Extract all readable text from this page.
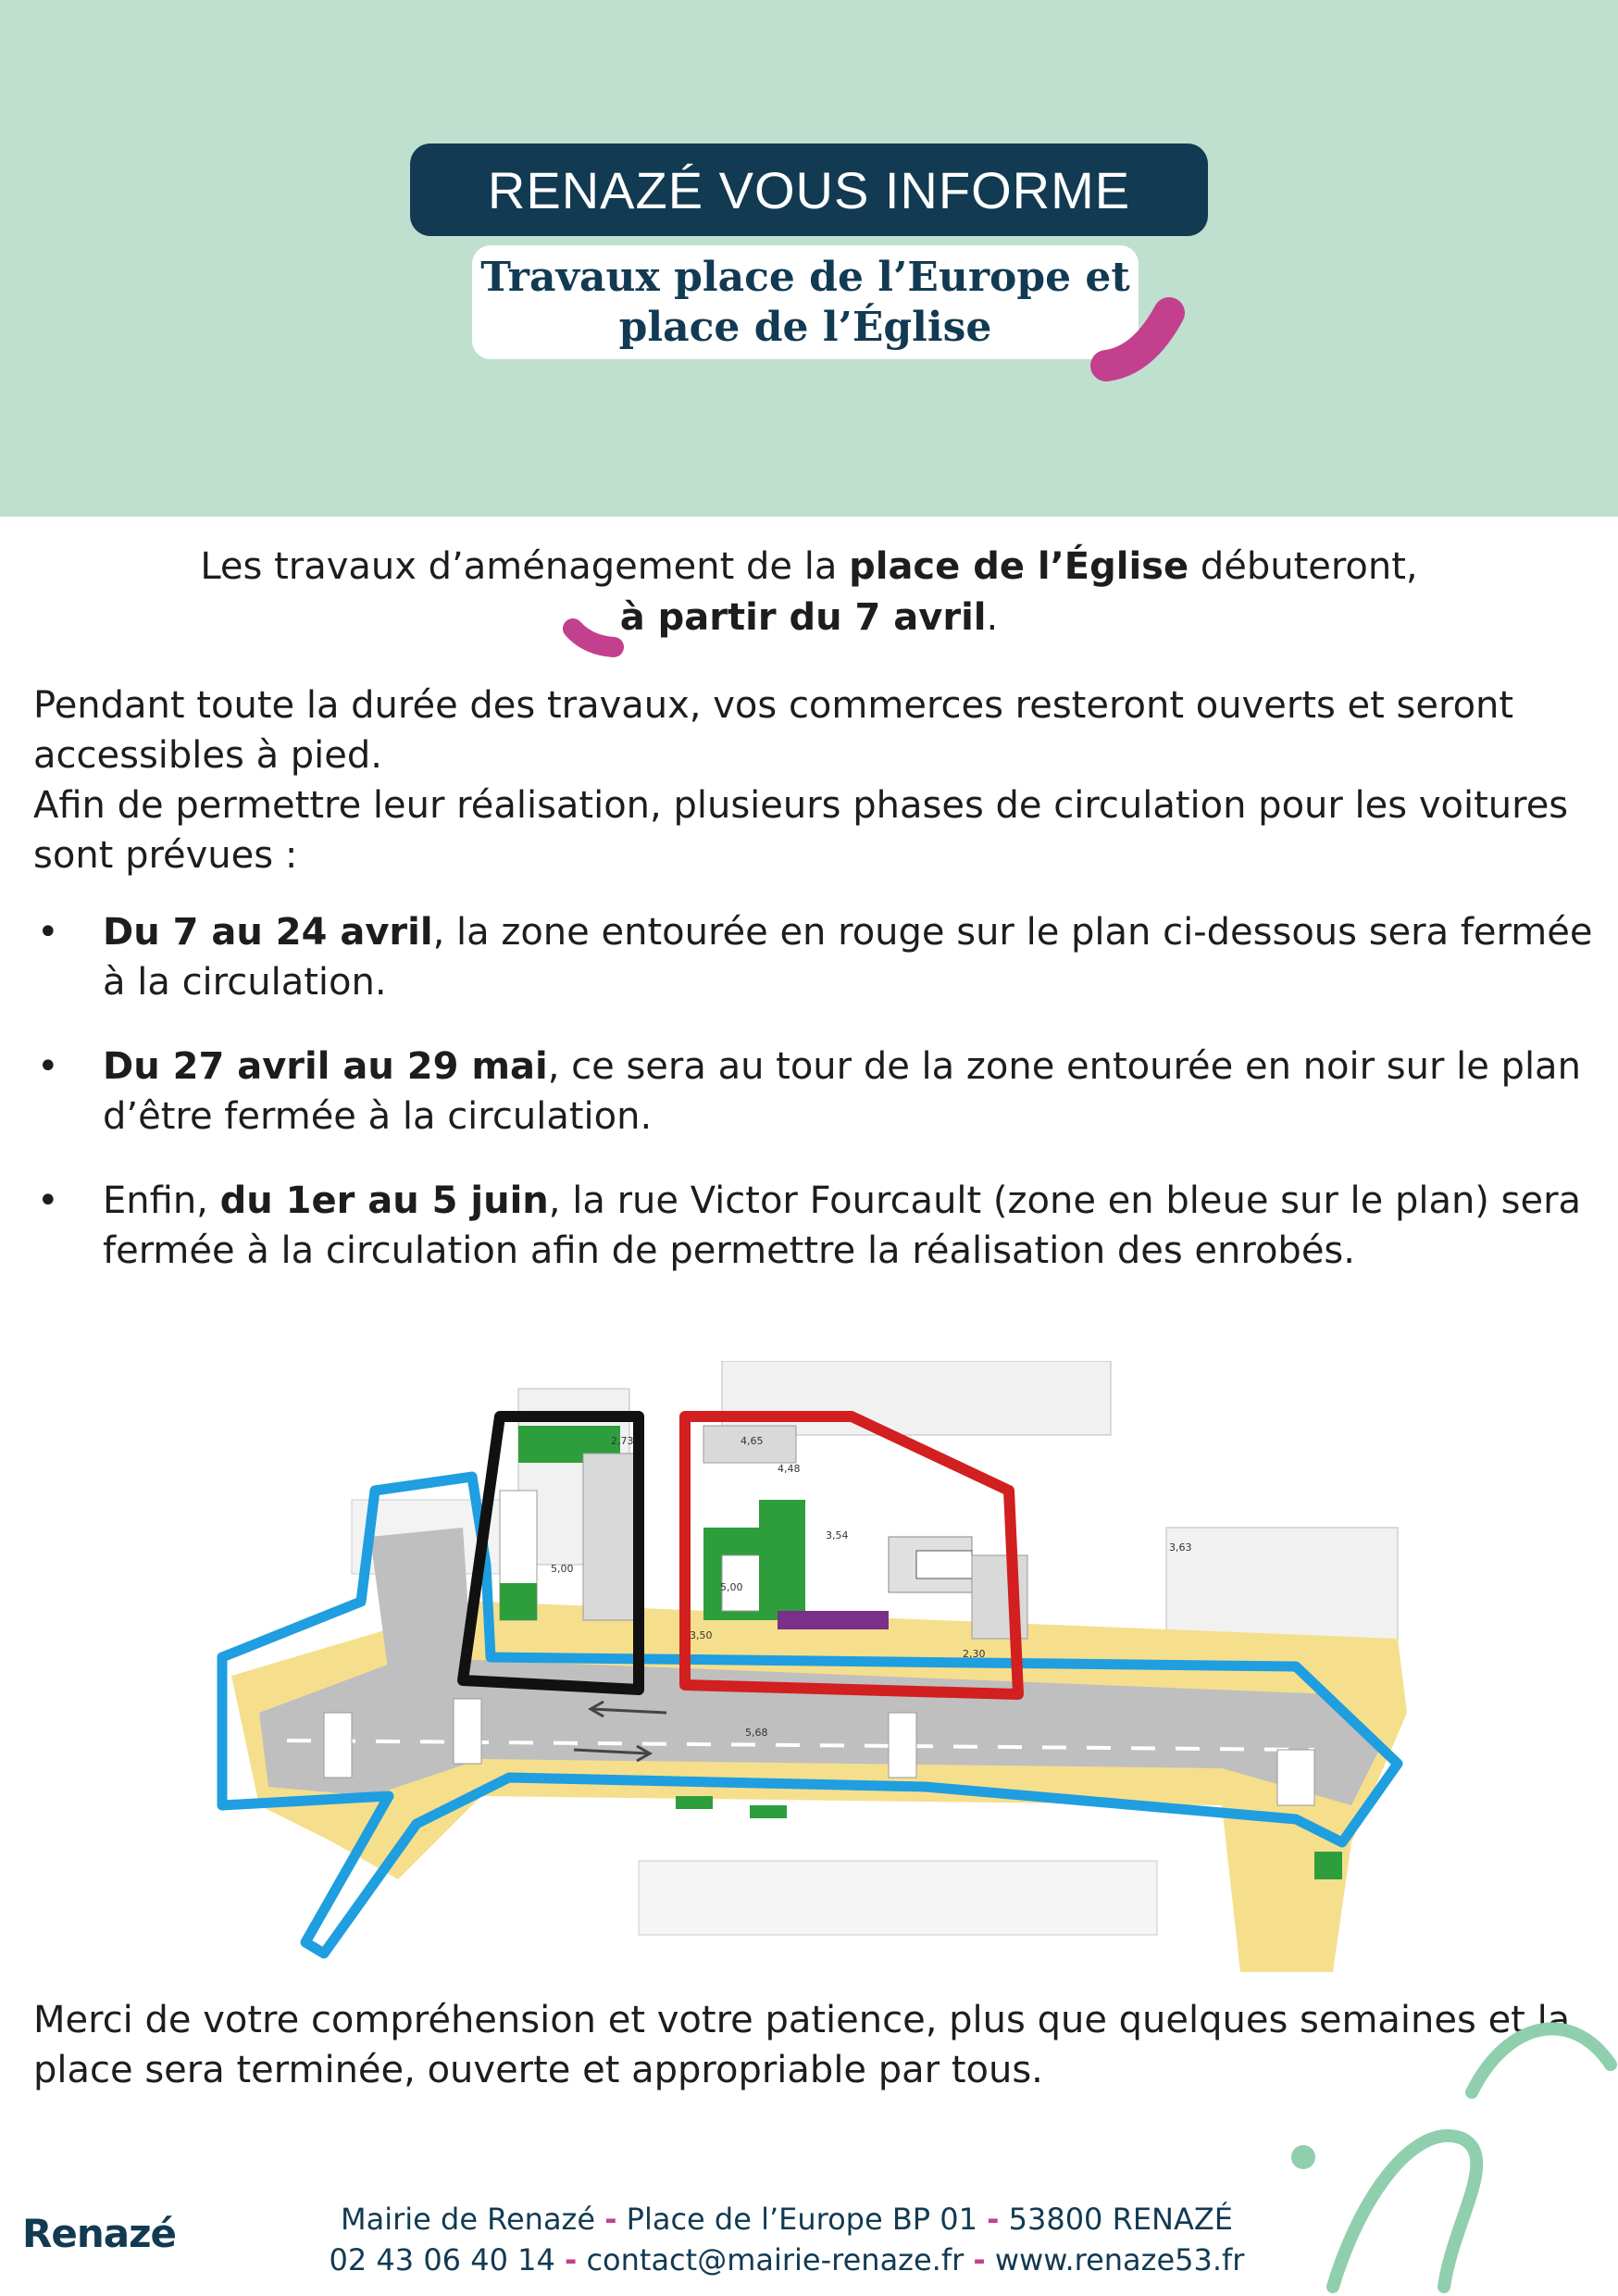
RENAZÉ VOUS INFORME
Travaux place de l’Europe et
place de l’Église
Les travaux d’aménagement de la place de l’Église débuteront,
à partir du 7 avril.
Pendant toute la durée des travaux, vos commerces resteront ouverts et seront accessibles à pied.
Afin de permettre leur réalisation, plusieurs phases de circulation pour les voitures sont prévues :
• Du 7 au 24 avril, la zone entourée en rouge sur le plan ci-dessous sera fermée à la circulation.
• Du 27 avril au 29 mai, ce sera au tour de la zone entourée en noir sur le plan d’être fermée à la circulation.
• Enfin, du 1er au 5 juin, la rue Victor Fourcault (zone en bleue sur le plan) sera fermée à la circulation afin de permettre la réalisation des enrobés.
5,00
5,00
3,54
3,63
4,65
4,48
2,73
5,68
3,50
2,30
Merci de votre compréhension et votre patience, plus que quelques semaines et la place sera terminée, ouverte et appropriable par tous.
Renazé	Mairie de Renazé - Place de l’Europe BP 01 - 53800 RENAZÉ
02 43 06 40 14 - contact@mairie-renaze.fr - www.renaze53.fr
